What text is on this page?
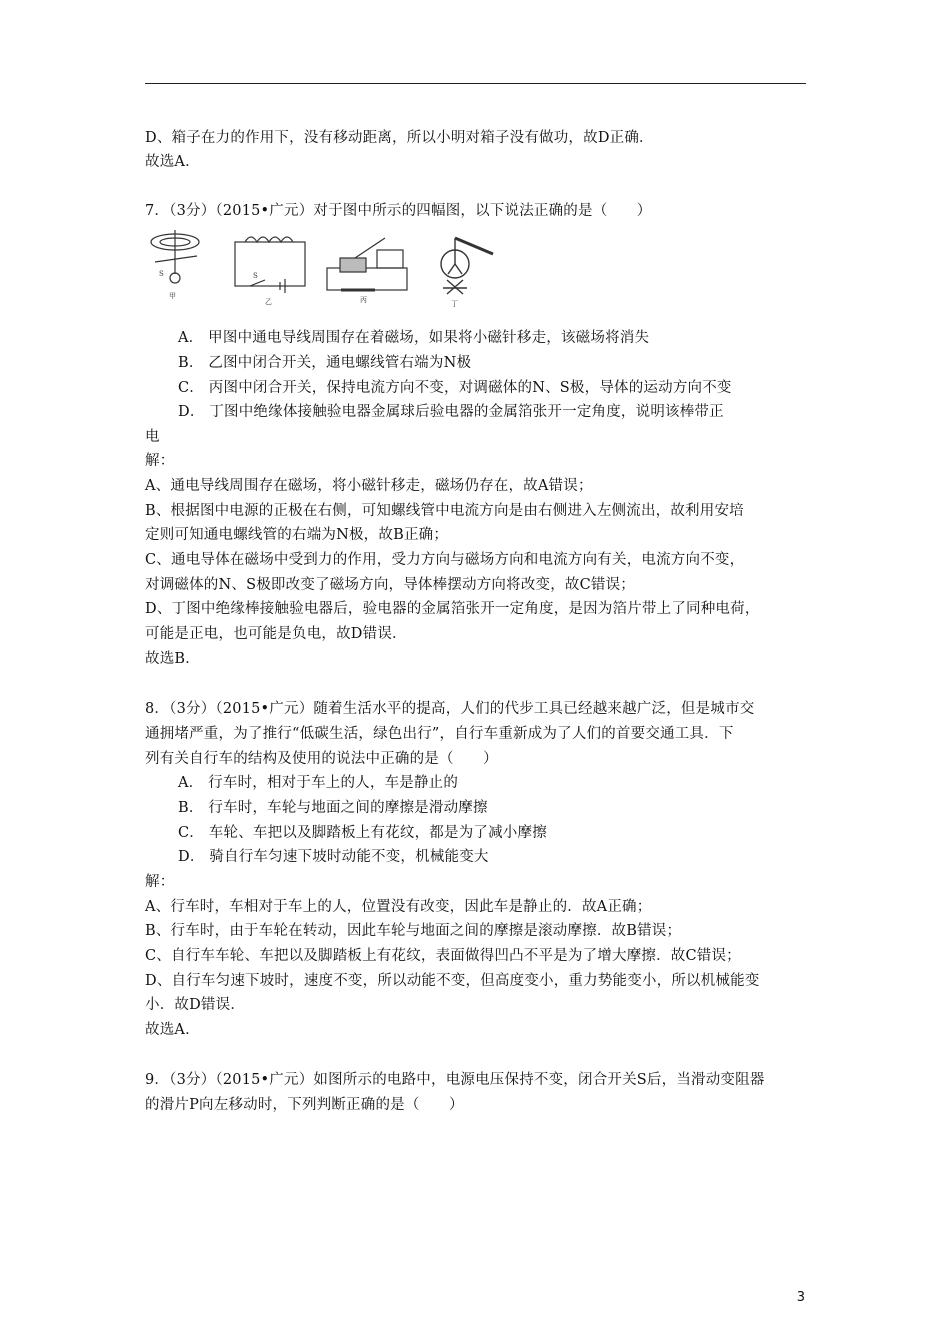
D、箱子在力的作用下，没有移动距离，所以小明对箱子没有做功，故D正确．
故选A．
7．（3分）（2015•广元）对于图中所示的四幅图，以下说法正确的是（　　）
S
甲
S
乙	丙	丁
A． 甲图中通电导线周围存在着磁场，如果将小磁针移走，该磁场将消失
B． 乙图中闭合开关，通电螺线管右端为N极
C． 丙图中闭合开关，保持电流方向不变，对调磁体的N、S极，导体的运动方向不变
D． 丁图中绝缘体接触验电器金属球后验电器的金属箔张开一定角度，说明该棒带正
电
解：
A、通电导线周围存在磁场，将小磁针移走，磁场仍存在，故A错误；
B、根据图中电源的正极在右侧，可知螺线管中电流方向是由右侧进入左侧流出，故利用安培
定则可知通电螺线管的右端为N极，故B正确；
C、通电导体在磁场中受到力的作用，受力方向与磁场方向和电流方向有关，电流方向不变，
对调磁体的N、S极即改变了磁场方向，导体棒摆动方向将改变，故C错误；
D、丁图中绝缘棒接触验电器后，验电器的金属箔张开一定角度，是因为箔片带上了同种电荷，
可能是正电，也可能是负电，故D错误．
故选B．
8．（3分）（2015•广元）随着生活水平的提高，人们的代步工具已经越来越广泛，但是城市交
通拥堵严重，为了推行“低碳生活，绿色出行”，自行车重新成为了人们的首要交通工具．下
列有关自行车的结构及使用的说法中正确的是（　　）
A． 行车时，相对于车上的人，车是静止的
B． 行车时，车轮与地面之间的摩擦是滑动摩擦
C． 车轮、车把以及脚踏板上有花纹，都是为了减小摩擦
D． 骑自行车匀速下坡时动能不变，机械能变大
解：
A、行车时，车相对于车上的人，位置没有改变，因此车是静止的．故A正确；
B、行车时，由于车轮在转动，因此车轮与地面之间的摩擦是滚动摩擦．故B错误；
C、自行车车轮、车把以及脚踏板上有花纹，表面做得凹凸不平是为了增大摩擦．故C错误；
D、自行车匀速下坡时，速度不变，所以动能不变，但高度变小，重力势能变小，所以机械能变
小．故D错误．
故选A．
9．（3分）（2015•广元）如图所示的电路中，电源电压保持不变，闭合开关S后，当滑动变阻器
的滑片P向左移动时，下列判断正确的是（　　）
3
